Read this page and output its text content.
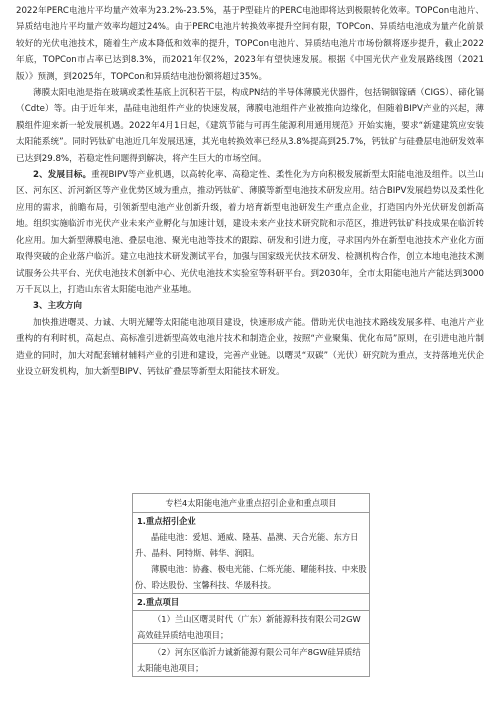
2022年PERC电池片平均量产效率为23.2%-23.5%，基于P型硅片的PERC电池即将达到极限转化效率。TOPCon电池片、异质结电池片平均量产效率均超过24%。由于PERC电池片转换效率提升空间有限，TOPCon、异质结电池成为量产化前景较好的光伏电池技术，随着生产成本降低和效率的提升，TOPCon电池片、异质结电池片市场份额将逐步提升，截止2022年底，TOPCon市占率已达到8.3%，而2021年仅2%，2023年有望快速发展。根据《中国光伏产业发展路线图（2021版）》预测，到2025年，TOPCon和异质结电池份额将超过35%。

薄膜太阳电池是指在玻璃或柔性基底上沉积若干层，构成PN结的半导体薄膜光伏器件，包括铜铟镓硒（CIGS）、碲化镉（Cdte）等。由于近年来，晶硅电池组件产业的快速发展，薄膜电池组件产业被推向边缘化，但随着BIPV产业的兴起，薄膜组件迎来新一轮发展机遇。2022年4月1日起，《建筑节能与可再生能源利用通用规范》开始实施，要求“新建建筑应安装太阳能系统”。同时钙钛矿电池近几年发展迅速，其光电转换效率已经从3.8%提高到25.7%，钙钛矿与硅叠层电池研发效率已达到29.8%，若稳定性问题得到解决，将产生巨大的市场空间。

2、发展目标。重视BIPV等产业机遇，以高转化率、高稳定性、柔性化为方向积极发展新型太阳能电池及组件。以兰山区、河东区、沂河新区等产业优势区域为重点，推动钙钛矿、薄膜等新型电池技术研发应用。结合BIPV发展趋势以及柔性化应用的需求，前瞻布局，引领新型电池产业创新升级，着力培育新型电池研发生产重点企业，打造国内外光伏研发创新高地。组织实施临沂市光伏产业未来产业孵化与加速计划，建设未来产业技术研究院和示范区，推进钙钛矿科技成果在临沂转化应用。加大新型薄膜电池、叠层电池、聚光电池等技术的跟踪、研发和引进力度，寻求国内外在新型电池技术产业化方面取得突破的企业落户临沂。建立电池技术研发测试平台，加强与国家级光伏技术研发、检测机构合作，创立本地电池技术测试服务公共平台、光伏电池技术创新中心、光伏电池技术实验室等科研平台。到2030年，全市太阳能电池片产能达到3000万千瓦以上，打造山东省太阳能电池产业基地。

3、主攻方向

加快推进曙灵、力诚、大明光耀等太阳能电池项目建设，快速形成产能。借助光伏电池技术路线发展多样、电池片产业重构的有利时机，高起点、高标准引进新型高效电池片技术和制造企业，按照“产业聚集、优化布局”原则，在引进电池片制造业的同时，加大对配套辅材辅料产业的引进和建设，完善产业链。以曙灵“双碳”（光伏）研究院为重点，支持落地光伏企业设立研发机构，加大新型BIPV、钙钛矿叠层等新型太阳能技术研发。

专栏4太阳能电池产业重点招引企业和重点项目

1.重点招引企业

晶硅电池：爱旭、通威、隆基、晶澳、天合光能、东方日升、晶科、阿特斯、韩华、润阳。

薄膜电池：协鑫、极电光能、仁烁光能、曜能科技、中来股份、聆达股份、宝馨科技、华晟科技。

2.重点项目

（1）兰山区曙灵时代（广东）新能源科技有限公司2GW高效硅异质结电池项目；

（2）河东区临沂力诚新能源有限公司年产8GW硅异质结太阳能电池项目；
